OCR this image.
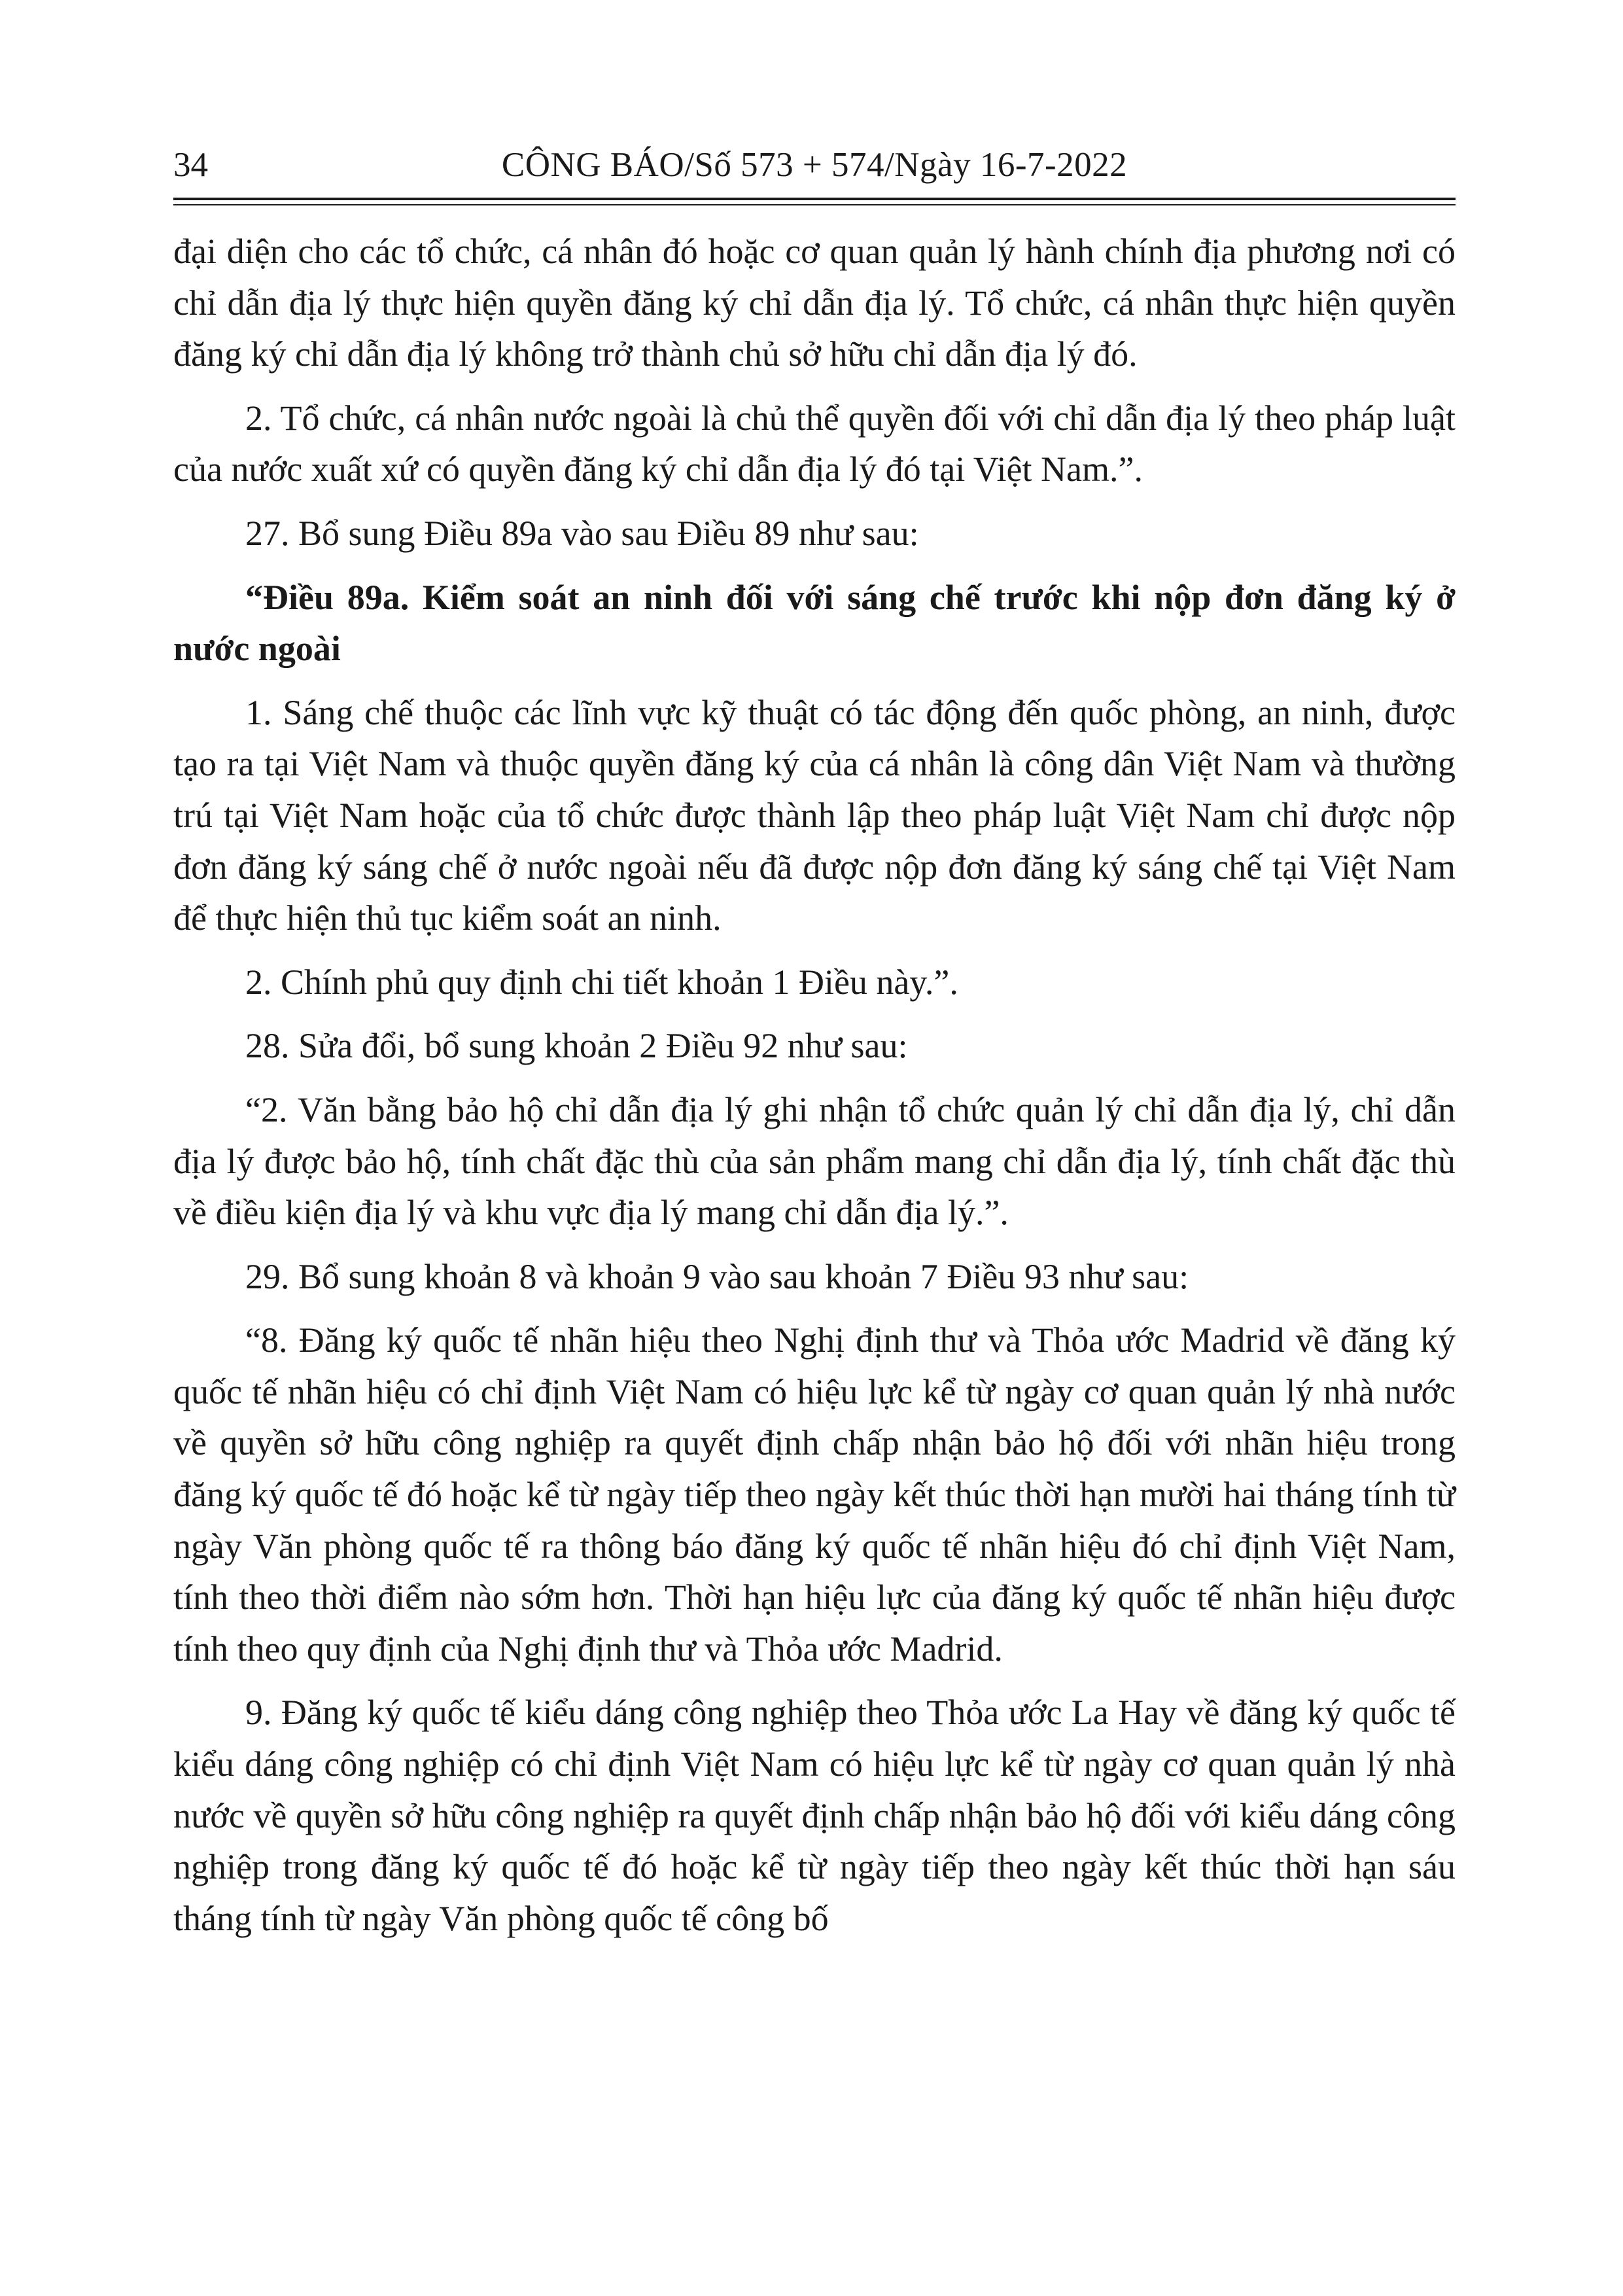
34	CÔNG BÁO/Số 573 + 574/Ngày 16-7-2022

đại diện cho các tổ chức, cá nhân đó hoặc cơ quan quản lý hành chính địa phương nơi có chỉ dẫn địa lý thực hiện quyền đăng ký chỉ dẫn địa lý. Tổ chức, cá nhân thực hiện quyền đăng ký chỉ dẫn địa lý không trở thành chủ sở hữu chỉ dẫn địa lý đó.

2. Tổ chức, cá nhân nước ngoài là chủ thể quyền đối với chỉ dẫn địa lý theo pháp luật của nước xuất xứ có quyền đăng ký chỉ dẫn địa lý đó tại Việt Nam.”.

27. Bổ sung Điều 89a vào sau Điều 89 như sau:

“Điều 89a. Kiểm soát an ninh đối với sáng chế trước khi nộp đơn đăng ký ở nước ngoài

1. Sáng chế thuộc các lĩnh vực kỹ thuật có tác động đến quốc phòng, an ninh, được tạo ra tại Việt Nam và thuộc quyền đăng ký của cá nhân là công dân Việt Nam và thường trú tại Việt Nam hoặc của tổ chức được thành lập theo pháp luật Việt Nam chỉ được nộp đơn đăng ký sáng chế ở nước ngoài nếu đã được nộp đơn đăng ký sáng chế tại Việt Nam để thực hiện thủ tục kiểm soát an ninh.

2. Chính phủ quy định chi tiết khoản 1 Điều này.”.

28. Sửa đổi, bổ sung khoản 2 Điều 92 như sau:

“2. Văn bằng bảo hộ chỉ dẫn địa lý ghi nhận tổ chức quản lý chỉ dẫn địa lý, chỉ dẫn địa lý được bảo hộ, tính chất đặc thù của sản phẩm mang chỉ dẫn địa lý, tính chất đặc thù về điều kiện địa lý và khu vực địa lý mang chỉ dẫn địa lý.”.

29. Bổ sung khoản 8 và khoản 9 vào sau khoản 7 Điều 93 như sau:

“8. Đăng ký quốc tế nhãn hiệu theo Nghị định thư và Thỏa ước Madrid về đăng ký quốc tế nhãn hiệu có chỉ định Việt Nam có hiệu lực kể từ ngày cơ quan quản lý nhà nước về quyền sở hữu công nghiệp ra quyết định chấp nhận bảo hộ đối với nhãn hiệu trong đăng ký quốc tế đó hoặc kể từ ngày tiếp theo ngày kết thúc thời hạn mười hai tháng tính từ ngày Văn phòng quốc tế ra thông báo đăng ký quốc tế nhãn hiệu đó chỉ định Việt Nam, tính theo thời điểm nào sớm hơn. Thời hạn hiệu lực của đăng ký quốc tế nhãn hiệu được tính theo quy định của Nghị định thư và Thỏa ước Madrid.

9. Đăng ký quốc tế kiểu dáng công nghiệp theo Thỏa ước La Hay về đăng ký quốc tế kiểu dáng công nghiệp có chỉ định Việt Nam có hiệu lực kể từ ngày cơ quan quản lý nhà nước về quyền sở hữu công nghiệp ra quyết định chấp nhận bảo hộ đối với kiểu dáng công nghiệp trong đăng ký quốc tế đó hoặc kể từ ngày tiếp theo ngày kết thúc thời hạn sáu tháng tính từ ngày Văn phòng quốc tế công bố
